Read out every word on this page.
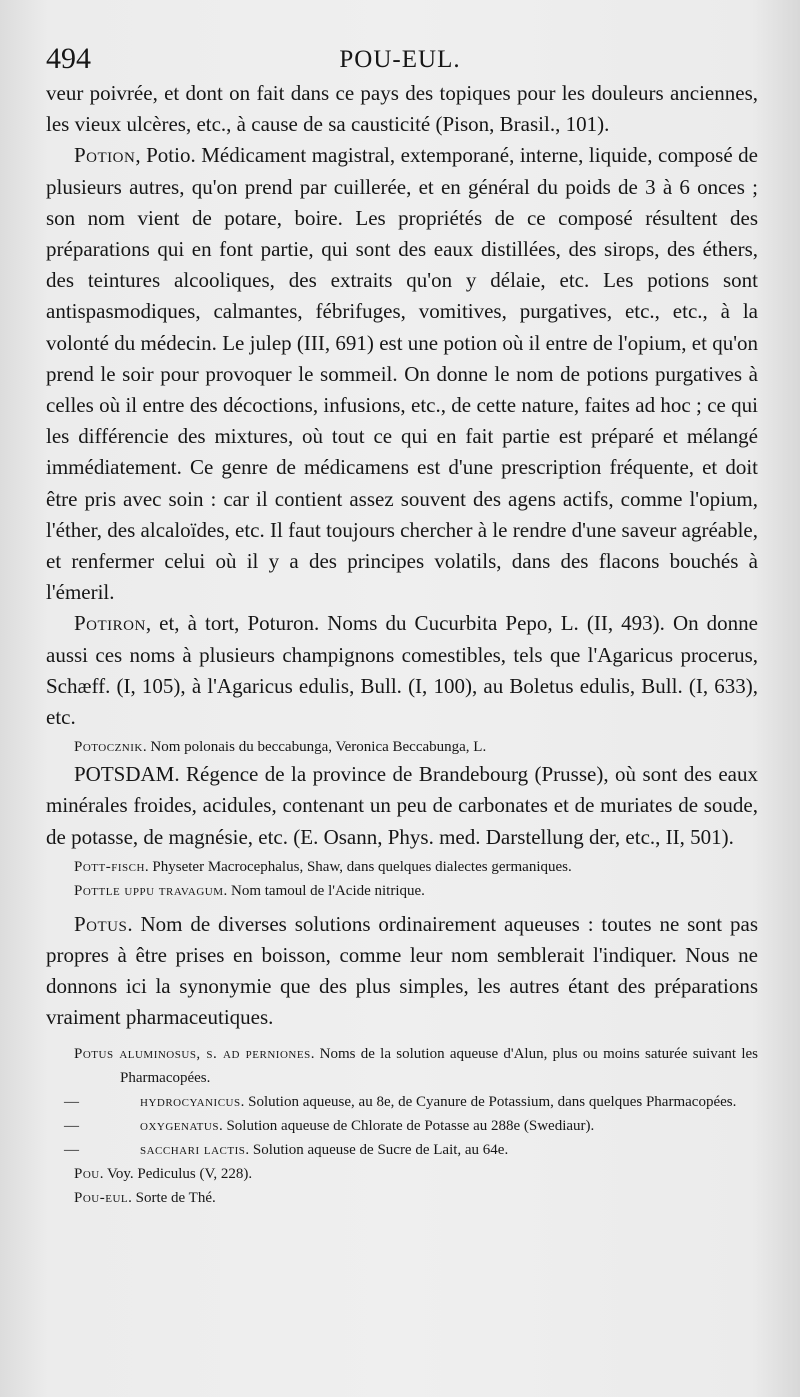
494	POU-EUL.

veur poivrée, et dont on fait dans ce pays des topiques pour les douleurs anciennes, les vieux ulcères, etc., à cause de sa causticité (Pison, Brasil., 101).

Potion, Potio. Médicament magistral, extemporané, interne, liquide, composé de plusieurs autres, qu'on prend par cuillerée, et en général du poids de 3 à 6 onces ; son nom vient de potare, boire. Les propriétés de ce composé résultent des préparations qui en font partie, qui sont des eaux distillées, des sirops, des éthers, des teintures alcooliques, des extraits qu'on y délaie, etc. Les potions sont antispasmodiques, calmantes, fébrifuges, vomitives, purgatives, etc., etc., à la volonté du médecin. Le julep (III, 691) est une potion où il entre de l'opium, et qu'on prend le soir pour provoquer le sommeil. On donne le nom de potions purgatives à celles où il entre des décoctions, infusions, etc., de cette nature, faites ad hoc ; ce qui les différencie des mixtures, où tout ce qui en fait partie est préparé et mélangé immédiatement. Ce genre de médicamens est d'une prescription fréquente, et doit être pris avec soin : car il contient assez souvent des agens actifs, comme l'opium, l'éther, des alcaloïdes, etc. Il faut toujours chercher à le rendre d'une saveur agréable, et renfermer celui où il y a des principes volatils, dans des flacons bouchés à l'émeril.

Potiron, et, à tort, Poturon. Noms du Cucurbita Pepo, L. (II, 493). On donne aussi ces noms à plusieurs champignons comestibles, tels que l'Agaricus procerus, Schæff. (I, 105), à l'Agaricus edulis, Bull. (I, 100), au Boletus edulis, Bull. (I, 633), etc.

Potocznik. Nom polonais du beccabunga, Veronica Beccabunga, L.

POTSDAM. Régence de la province de Brandebourg (Prusse), où sont des eaux minérales froides, acidules, contenant un peu de carbonates et de muriates de soude, de potasse, de magnésie, etc. (E. Osann, Phys. med. Darstellung der, etc., II, 501).

Pott-fisch. Physeter Macrocephalus, Shaw, dans quelques dialectes germaniques.

Pottle uppu travagum. Nom tamoul de l'Acide nitrique.

Potus. Nom de diverses solutions ordinairement aqueuses : toutes ne sont pas propres à être prises en boisson, comme leur nom semblerait l'indiquer. Nous ne donnons ici la synonymie que des plus simples, les autres étant des préparations vraiment pharmaceutiques.

Potus aluminosus, s. ad perniones. Noms de la solution aqueuse d'Alun, plus ou moins saturée suivant les Pharmacopées.
—	hydrocyanicus. Solution aqueuse, au 8e, de Cyanure de Potassium, dans quelques Pharmacopées.
—	oxygenatus. Solution aqueuse de Chlorate de Potasse au 288e (Swediaur).
—	sacchari lactis. Solution aqueuse de Sucre de Lait, au 64e.
Pou. Voy. Pediculus (V, 228).
Pou-eul. Sorte de Thé.
